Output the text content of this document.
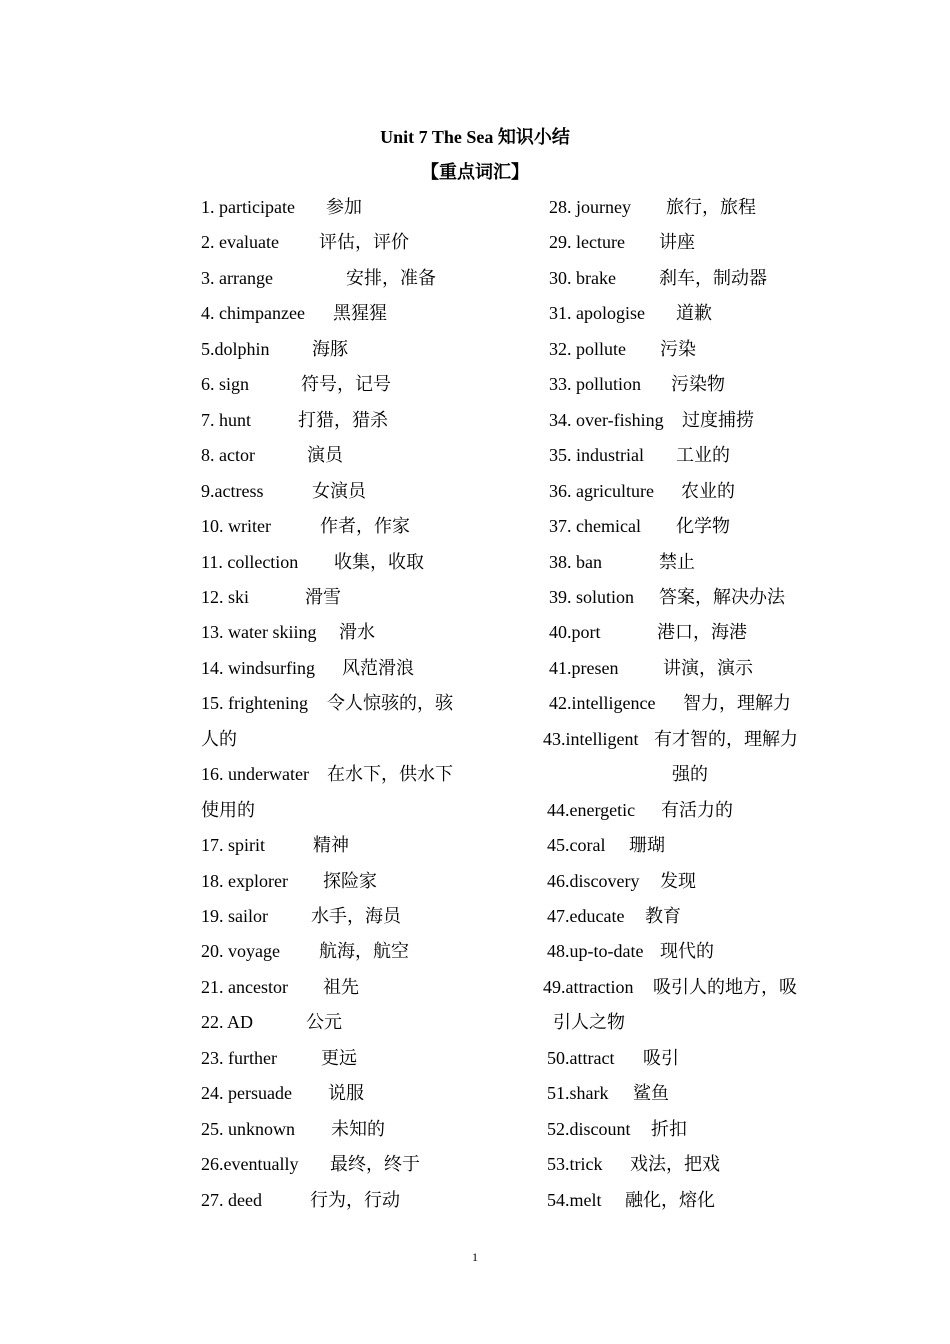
Unit 7 The Sea 知识小结
【重点词汇】
1. participate 参加
2. evaluate 评估，评价
3. arrange	安排，准备
4. chimpanzee 黑猩猩
5.dolphin 海豚
6. sign	符号，记号
7. hunt	打猎，猎杀
8. actor	演员
9.actress	女演员
10. writer	作者，作家
11. collection 收集，收取
12. ski	滑雪
13. water skiing 滑水
14. windsurfing 风范滑浪
15. frightening 令人惊骇的，骇
人的
16. underwater 在水下，供水下
使用的
17. spirit	精神
18. explorer 探险家
19. sailor 水手，海员
20. voyage 航海，航空
21. ancestor 祖先
22. AD	公元
23. further 更远
24. persuade 说服
25. unknown 未知的
26.eventually 最终，终于
27. deed	行为，行动
28. journey 旅行，旅程
29. lecture 讲座
30. brake 刹车，制动器
31. apologise 道歉
32. pollute 污染
33. pollution 污染物
34. over-fishing 过度捕捞
35. industrial 工业的
36. agriculture 农业的
37. chemical 化学物
38. ban	禁止
39. solution 答案，解决办法
40.port	港口，海港
41.presen 讲演，演示
42.intelligence 智力，理解力
43.intelligent 有才智的，理解力
强的
44.energetic 有活力的
45.coral 珊瑚
46.discovery 发现
47.educate 教育
48.up-to-date 现代的
49.attraction 吸引人的地方，吸
引人之物
50.attract 吸引
51.shark 鲨鱼
52.discount 折扣
53.trick 戏法，把戏
54.melt 融化，熔化
1
